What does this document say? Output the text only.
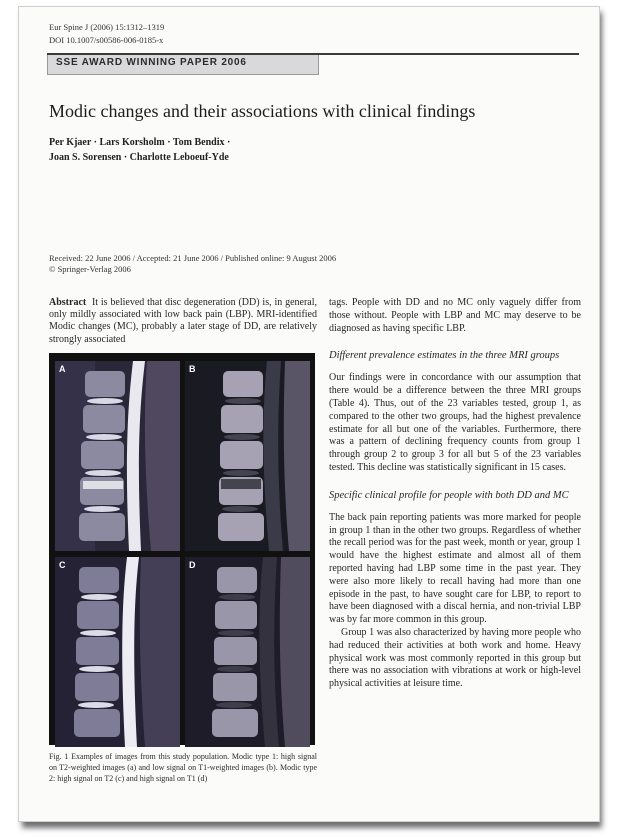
Eur Spine J (2006) 15:1312–1319
DOI 10.1007/s00586-006-0185-x
SSE AWARD WINNING PAPER 2006
Modic changes and their associations with clinical findings
Per Kjaer · Lars Korsholm · Tom Bendix ·
Joan S. Sorensen · Charlotte Leboeuf-Yde
Received: 22 June 2006 / Accepted: 21 June 2006 / Published online: 9 August 2006
© Springer-Verlag 2006

Abstract It is believed that disc degeneration (DD) is, in general, only mildly associated with low back pain (LBP). MRI-identified Modic changes (MC), probably a later stage of DD, are relatively strongly associated

A	B
C	D
Fig. 1 Examples of images from this study population. Modic type 1: high signal on T2-weighted images (a) and low signal on T1-weighted images (b). Modic type 2: high signal on T2 (c) and high signal on T1 (d)

tags. People with DD and no MC only vaguely differ from those without. People with LBP and MC may deserve to be diagnosed as having specific LBP.

Different prevalence estimates in the three MRI groups

Our findings were in concordance with our assumption that there would be a difference between the three MRI groups (Table 4). Thus, out of the 23 variables tested, group 1, as compared to the other two groups, had the highest prevalence estimate for all but one of the variables. Furthermore, there was a pattern of declining frequency counts from group 1 through group 2 to group 3 for all but 5 of the 23 variables tested. This decline was statistically significant in 15 cases.

Specific clinical profile for people with both DD and MC

The back pain reporting patients was more marked for people in group 1 than in the other two groups. Regardless of whether the recall period was for the past week, month or year, group 1 would have the highest estimate and almost all of them reported having had LBP some time in the past year. They were also more likely to recall having had more than one episode in the past, to have sought care for LBP, to report to have been diagnosed with a discal hernia, and non-trivial LBP was by far more common in this group.

Group 1 was also characterized by having more people who had reduced their activities at both work and home. Heavy physical work was most commonly reported in this group but there was no association with vibrations at work or high-level physical activities at leisure time.
